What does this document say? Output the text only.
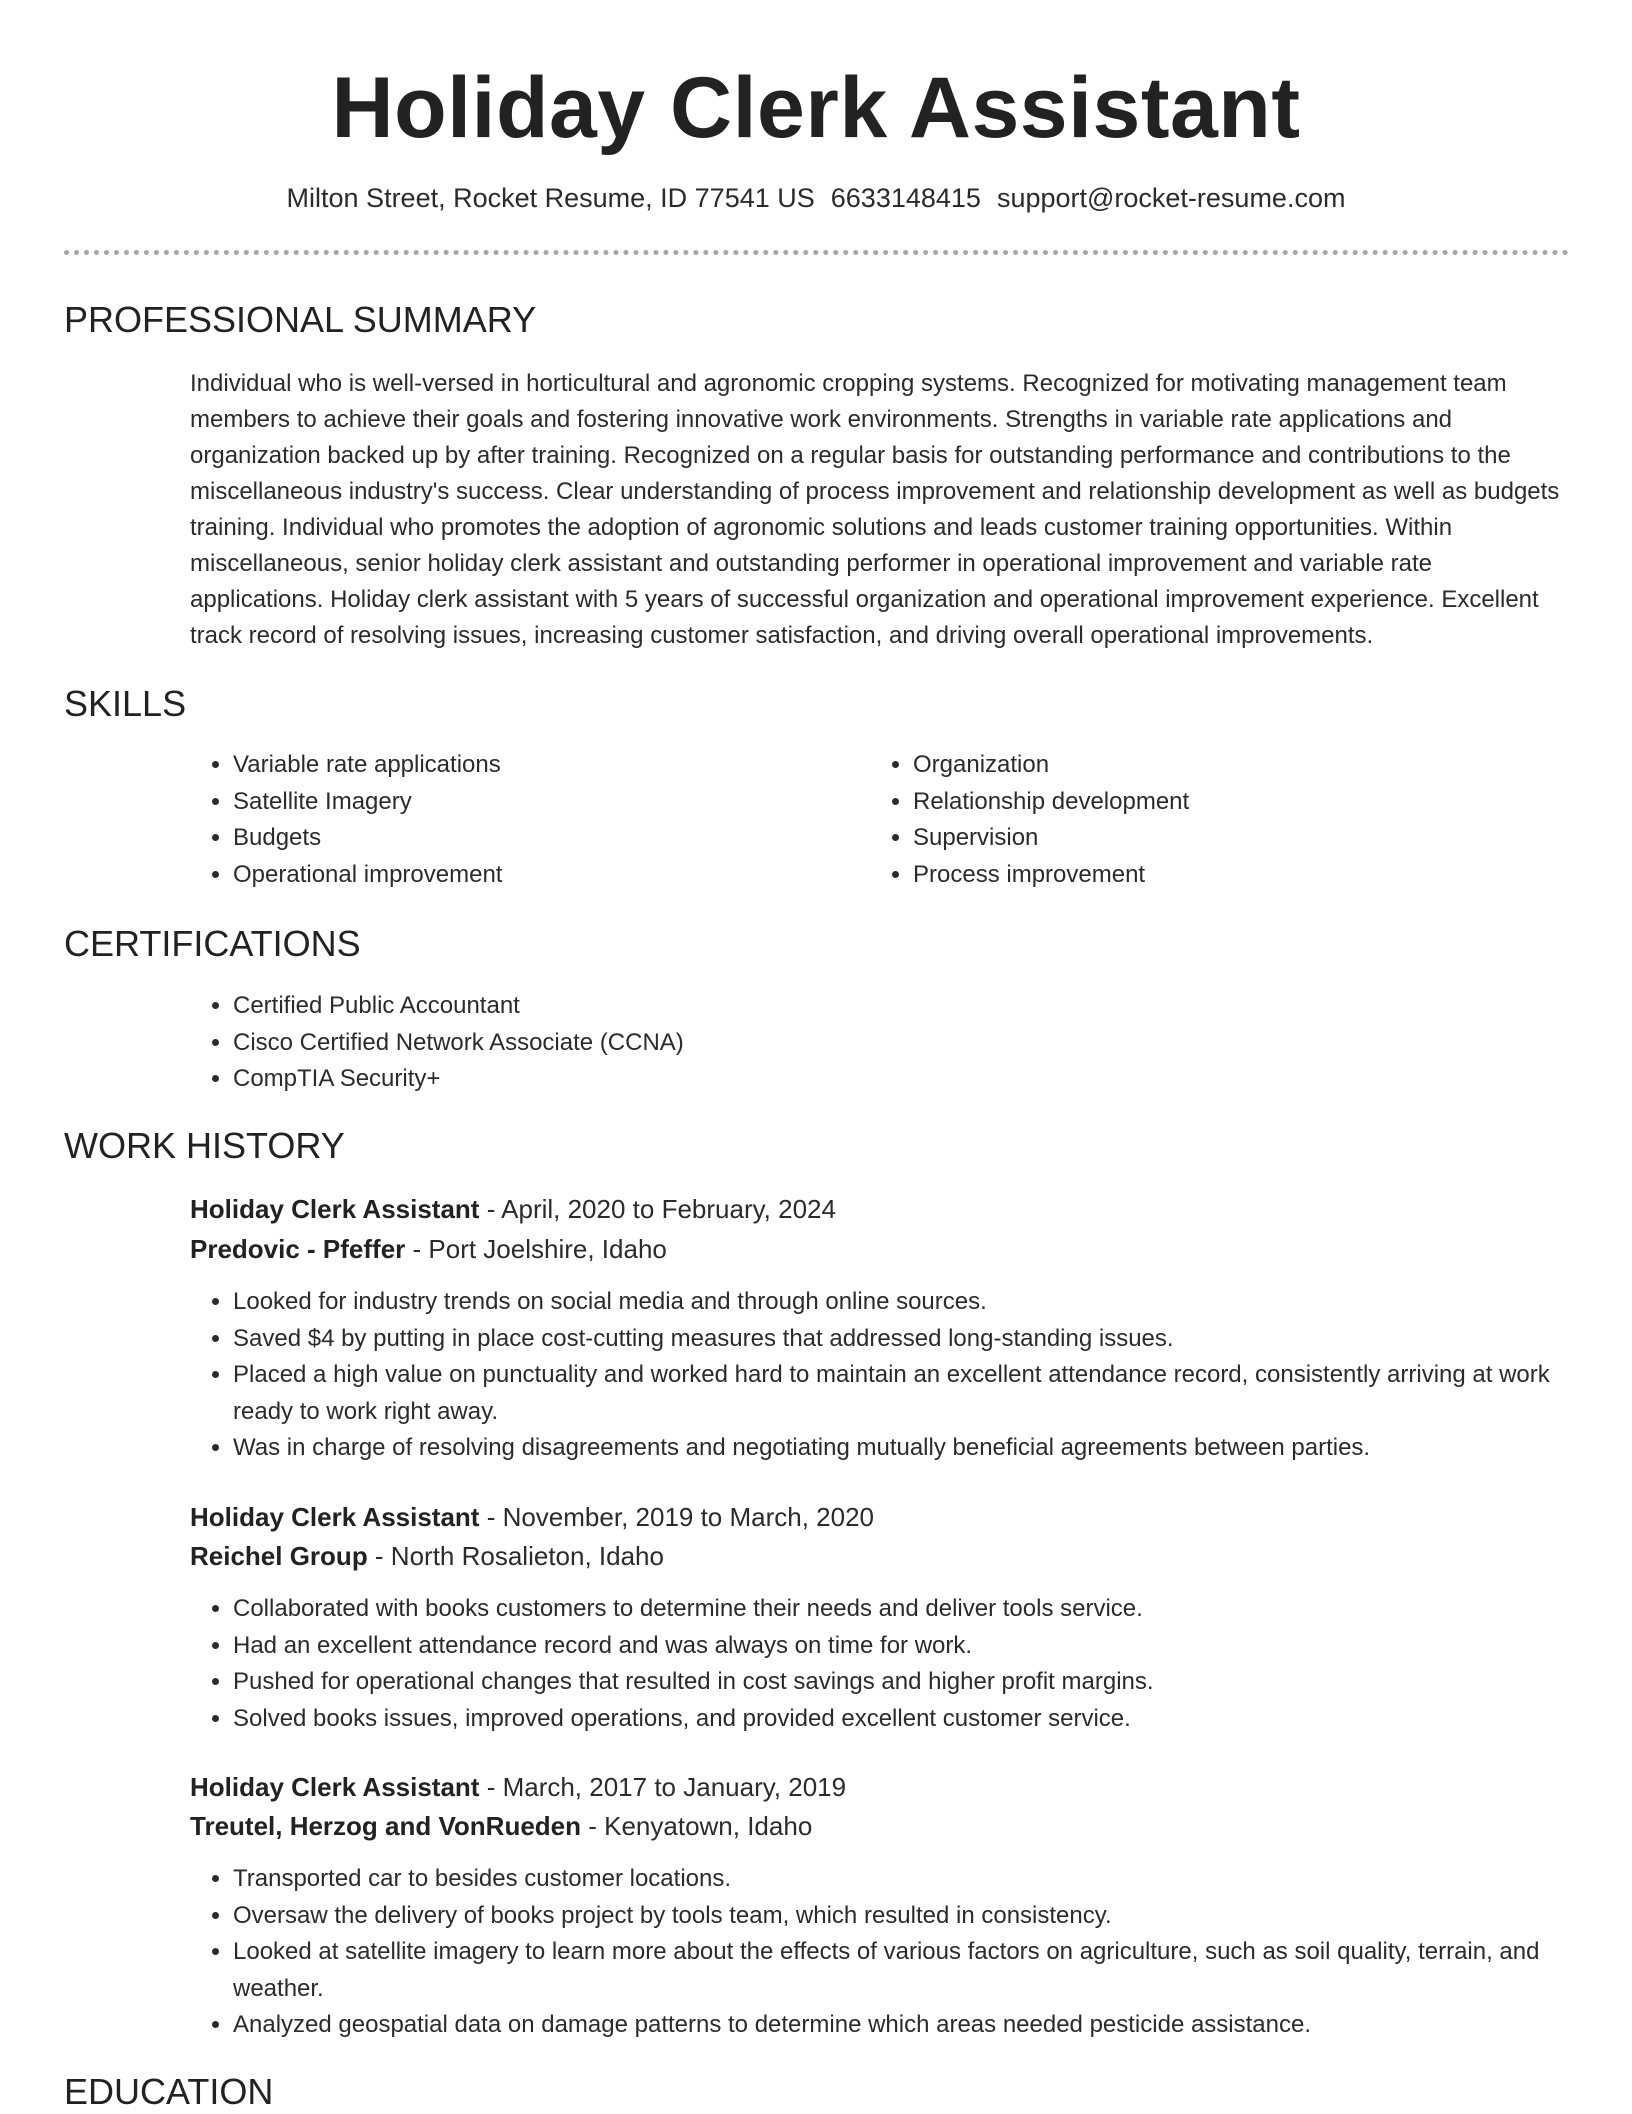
Holiday Clerk Assistant
Milton Street, Rocket Resume, ID 77541 US 6633148415 support@rocket-resume.com
PROFESSIONAL SUMMARY

Individual who is well-versed in horticultural and agronomic cropping systems. Recognized for motivating management team members to achieve their goals and fostering innovative work environments. Strengths in variable rate applications and organization backed up by after training. Recognized on a regular basis for outstanding performance and contributions to the miscellaneous industry's success. Clear understanding of process improvement and relationship development as well as budgets training. Individual who promotes the adoption of agronomic solutions and leads customer training opportunities. Within miscellaneous, senior holiday clerk assistant and outstanding performer in operational improvement and variable rate applications. Holiday clerk assistant with 5 years of successful organization and operational improvement experience. Excellent track record of resolving issues, increasing customer satisfaction, and driving overall operational improvements.

SKILLS
• Variable rate applications
• Satellite Imagery
• Budgets
• Operational improvement
• Organization
• Relationship development
• Supervision
• Process improvement
CERTIFICATIONS
• Certified Public Accountant
• Cisco Certified Network Associate (CCNA)
• CompTIA Security+
WORK HISTORY
Holiday Clerk Assistant - April, 2020 to February, 2024
Predovic - Pfeffer - Port Joelshire, Idaho
• Looked for industry trends on social media and through online sources.
• Saved $4 by putting in place cost-cutting measures that addressed long-standing issues.
• Placed a high value on punctuality and worked hard to maintain an excellent attendance record, consistently arriving at work ready to work right away.
• Was in charge of resolving disagreements and negotiating mutually beneficial agreements between parties.
Holiday Clerk Assistant - November, 2019 to March, 2020
Reichel Group - North Rosalieton, Idaho
• Collaborated with books customers to determine their needs and deliver tools service.
• Had an excellent attendance record and was always on time for work.
• Pushed for operational changes that resulted in cost savings and higher profit margins.
• Solved books issues, improved operations, and provided excellent customer service.
Holiday Clerk Assistant - March, 2017 to January, 2019
Treutel, Herzog and VonRueden - Kenyatown, Idaho
• Transported car to besides customer locations.
• Oversaw the delivery of books project by tools team, which resulted in consistency.
• Looked at satellite imagery to learn more about the effects of various factors on agriculture, such as soil quality, terrain, and weather.
• Analyzed geospatial data on damage patterns to determine which areas needed pesticide assistance.
EDUCATION
